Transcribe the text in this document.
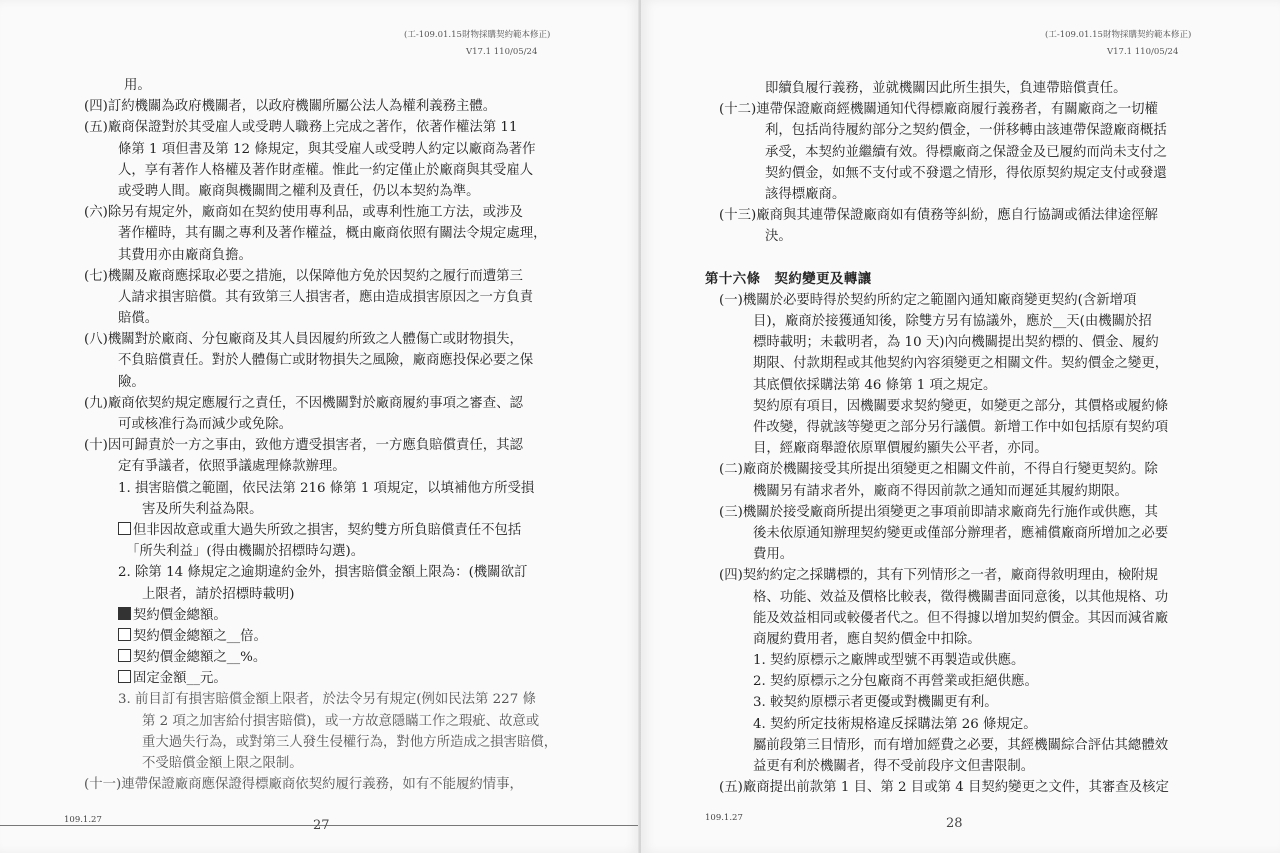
(工-109.01.15財物採購契約範本修正)
V17.1 110/05/24
用。
(四)訂約機關為政府機關者，以政府機關所屬公法人為權利義務主體。
(五)廠商保證對於其受雇人或受聘人職務上完成之著作，依著作權法第 11
條第 1 項但書及第 12 條規定，與其受雇人或受聘人約定以廠商為著作
人，享有著作人格權及著作財產權。惟此一約定僅止於廠商與其受雇人
或受聘人間。廠商與機關間之權利及責任，仍以本契約為準。
(六)除另有規定外，廠商如在契約使用專利品，或專利性施工方法，或涉及
著作權時，其有關之專利及著作權益，概由廠商依照有關法令規定處理，
其費用亦由廠商負擔。
(七)機關及廠商應採取必要之措施，以保障他方免於因契約之履行而遭第三
人請求損害賠償。其有致第三人損害者，應由造成損害原因之一方負責
賠償。
(八)機關對於廠商、分包廠商及其人員因履約所致之人體傷亡或財物損失，
不負賠償責任。對於人體傷亡或財物損失之風險，廠商應投保必要之保
險。
(九)廠商依契約規定應履行之責任，不因機關對於廠商履約事項之審查、認
可或核准行為而減少或免除。
(十)因可歸責於一方之事由，致他方遭受損害者，一方應負賠償責任，其認
定有爭議者，依照爭議處理條款辦理。
1. 損害賠償之範圍，依民法第 216 條第 1 項規定，以填補他方所受損
害及所失利益為限。
但非因故意或重大過失所致之損害，契約雙方所負賠償責任不包括
「所失利益」(得由機關於招標時勾選)。
2. 除第 14 條規定之逾期違約金外，損害賠償金額上限為：(機關欲訂
上限者，請於招標時載明)
契約價金總額。
契約價金總額之__倍。
契約價金總額之__%。
固定金額__元。
3. 前目訂有損害賠償金額上限者，於法令另有規定(例如民法第 227 條
第 2 項之加害給付損害賠償)，或一方故意隱瞞工作之瑕疵、故意或
重大過失行為，或對第三人發生侵權行為，對他方所造成之損害賠償，
不受賠償金額上限之限制。
(十一)連帶保證廠商應保證得標廠商依契約履行義務，如有不能履約情事，
109.1.27	27
(工-109.01.15財物採購契約範本修正)
V17.1 110/05/24
即續負履行義務，並就機關因此所生損失，負連帶賠償責任。
(十二)連帶保證廠商經機關通知代得標廠商履行義務者，有關廠商之一切權
利，包括尚待履約部分之契約價金，一併移轉由該連帶保證廠商概括
承受，本契約並繼續有效。得標廠商之保證金及已履約而尚未支付之
契約價金，如無不支付或不發還之情形，得依原契約規定支付或發還
該得標廠商。
(十三)廠商與其連帶保證廠商如有債務等糾紛，應自行協調或循法律途徑解
決。
第十六條　契約變更及轉讓
(一)機關於必要時得於契約所約定之範圍內通知廠商變更契約(含新增項
目)，廠商於接獲通知後，除雙方另有協議外，應於__天(由機關於招
標時載明；未載明者，為 10 天)內向機關提出契約標的、價金、履約
期限、付款期程或其他契約內容須變更之相關文件。契約價金之變更，
其底價依採購法第 46 條第 1 項之規定。
契約原有項目，因機關要求契約變更，如變更之部分，其價格或履約條
件改變，得就該等變更之部分另行議價。新增工作中如包括原有契約項
目，經廠商舉證依原單價履約顯失公平者，亦同。
(二)廠商於機關接受其所提出須變更之相關文件前，不得自行變更契約。除
機關另有請求者外，廠商不得因前款之通知而遲延其履約期限。
(三)機關於接受廠商所提出須變更之事項前即請求廠商先行施作或供應，其
後未依原通知辦理契約變更或僅部分辦理者，應補償廠商所增加之必要
費用。
(四)契約約定之採購標的，其有下列情形之一者，廠商得敘明理由，檢附規
格、功能、效益及價格比較表，徵得機關書面同意後，以其他規格、功
能及效益相同或較優者代之。但不得據以增加契約價金。其因而減省廠
商履約費用者，應自契約價金中扣除。
1. 契約原標示之廠牌或型號不再製造或供應。
2. 契約原標示之分包廠商不再營業或拒絕供應。
3. 較契約原標示者更優或對機關更有利。
4. 契約所定技術規格違反採購法第 26 條規定。
屬前段第三目情形，而有增加經費之必要，其經機關綜合評估其總體效
益更有利於機關者，得不受前段序文但書限制。
(五)廠商提出前款第 1 目、第 2 目或第 4 目契約變更之文件，其審查及核定
109.1.27	28
